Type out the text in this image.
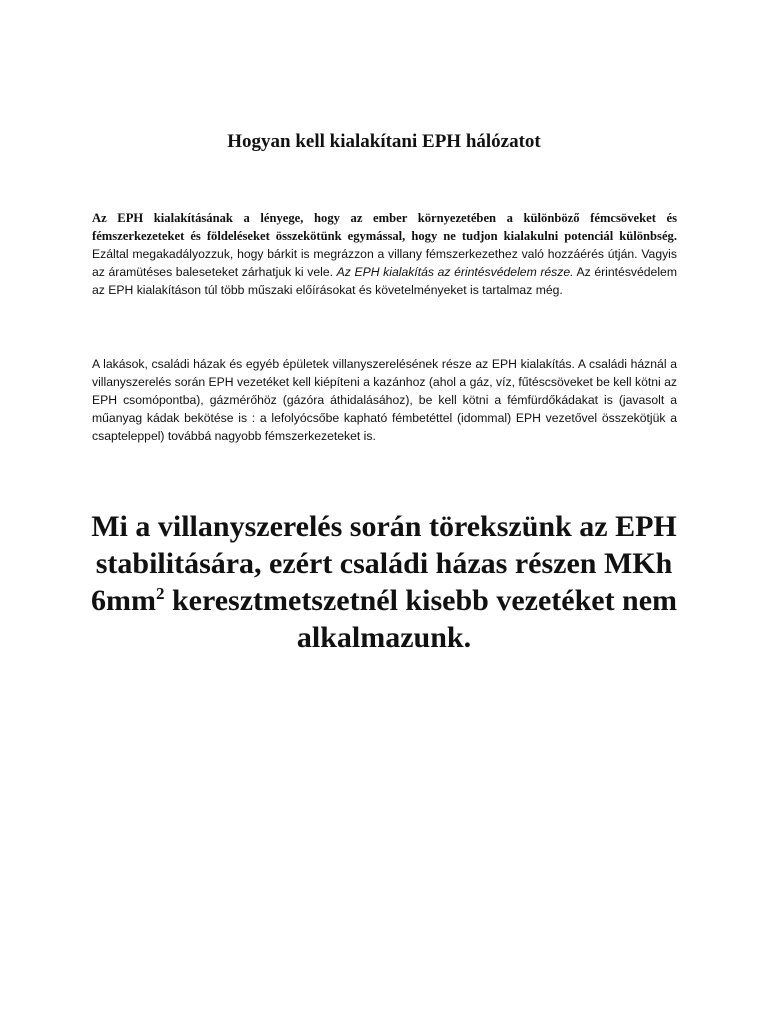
Hogyan kell kialakítani EPH hálózatot

Az EPH kialakításának a lényege, hogy az ember környezetében a különböző fémcsöveket és fémszerkezeteket és földeléseket összekötünk egymással, hogy ne tudjon kialakulni potenciál különbség. Ezáltal megakadályozzuk, hogy bárkit is megrázzon a villany fémszerkezethez való hozzáérés útján. Vagyis az áramütéses baleseteket zárhatjuk ki vele. Az EPH kialakítás az érintésvédelem része. Az érintésvédelem az EPH kialakításon túl több műszaki előírásokat és követelményeket is tartalmaz még.

A lakások, családi házak és egyéb épületek villanyszerelésének része az EPH kialakítás. A családi háznál a villanyszerelés során EPH vezetéket kell kiépíteni a kazánhoz (ahol a gáz, víz, fűtéscsöveket be kell kötni az EPH csomópontba), gázmérőhöz (gázóra áthidalásához), be kell kötni a fémfürdőkádakat is (javasolt a műanyag kádak bekötése is : a lefolyócsőbe kapható fémbetéttel (idommal) EPH vezetővel összekötjük a csapteleppel) továbbá nagyobb fémszerkezeteket is.

Mi a villanyszerelés során törekszünk az EPH stabilitására, ezért családi házas részen MKh $6mm^2$ keresztmetszetnél kisebb vezetéket nem alkalmazunk.
